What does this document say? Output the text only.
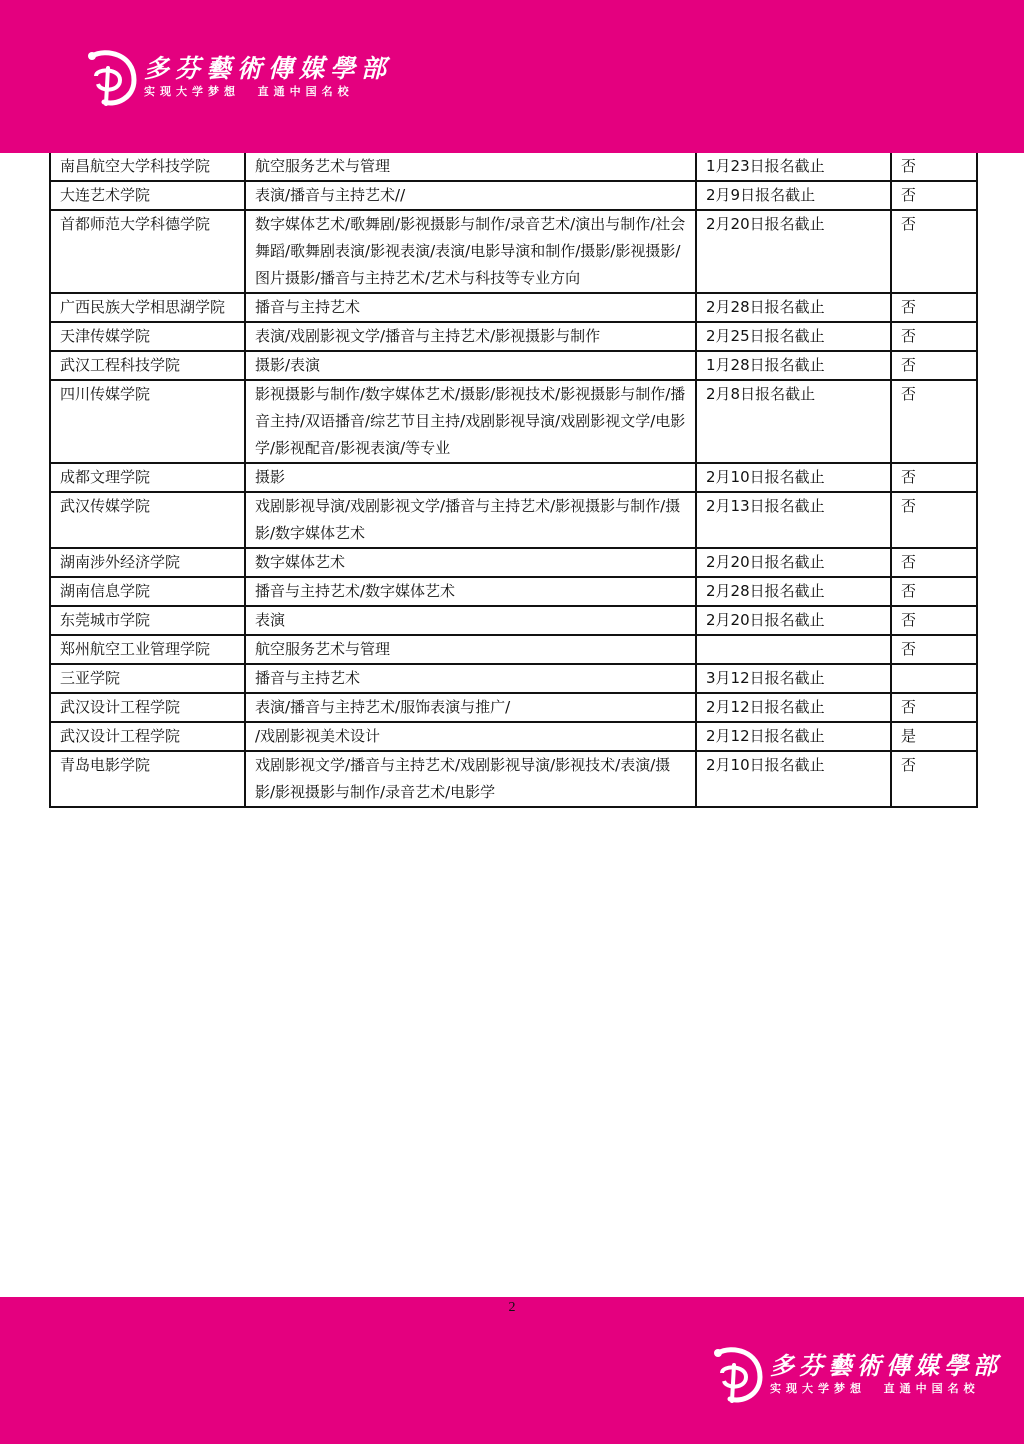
多芬藝術傳媒學部
实现大学梦想  直通中国名校
南昌航空大学科技学院	航空服务艺术与管理	1月23日报名截止	否
大连艺术学院	表演/播音与主持艺术//	2月9日报名截止	否
首都师范大学科德学院	数字媒体艺术/歌舞剧/影视摄影与制作/录音艺术/演出与制作/社会舞蹈/歌舞剧表演/影视表演/表演/电影导演和制作/摄影/影视摄影/图片摄影/播音与主持艺术/艺术与科技等专业方向	2月20日报名截止	否
广西民族大学相思湖学院	播音与主持艺术	2月28日报名截止	否
天津传媒学院	表演/戏剧影视文学/播音与主持艺术/影视摄影与制作	2月25日报名截止	否
武汉工程科技学院	摄影/表演	1月28日报名截止	否
四川传媒学院	影视摄影与制作/数字媒体艺术/摄影/影视技术/影视摄影与制作/播音主持/双语播音/综艺节目主持/戏剧影视导演/戏剧影视文学/电影学/影视配音/影视表演/等专业	2月8日报名截止	否
成都文理学院	摄影	2月10日报名截止	否
武汉传媒学院	戏剧影视导演/戏剧影视文学/播音与主持艺术/影视摄影与制作/摄影/数字媒体艺术	2月13日报名截止	否
湖南涉外经济学院	数字媒体艺术	2月20日报名截止	否
湖南信息学院	播音与主持艺术/数字媒体艺术	2月28日报名截止	否
东莞城市学院	表演	2月20日报名截止	否
郑州航空工业管理学院	航空服务艺术与管理		否
三亚学院	播音与主持艺术	3月12日报名截止	
武汉设计工程学院	表演/播音与主持艺术/服饰表演与推广/	2月12日报名截止	否
武汉设计工程学院	/戏剧影视美术设计	2月12日报名截止	是
青岛电影学院	戏剧影视文学/播音与主持艺术/戏剧影视导演/影视技术/表演/摄影/影视摄影与制作/录音艺术/电影学	2月10日报名截止	否
2
多芬藝術傳媒學部
实现大学梦想  直通中国名校
